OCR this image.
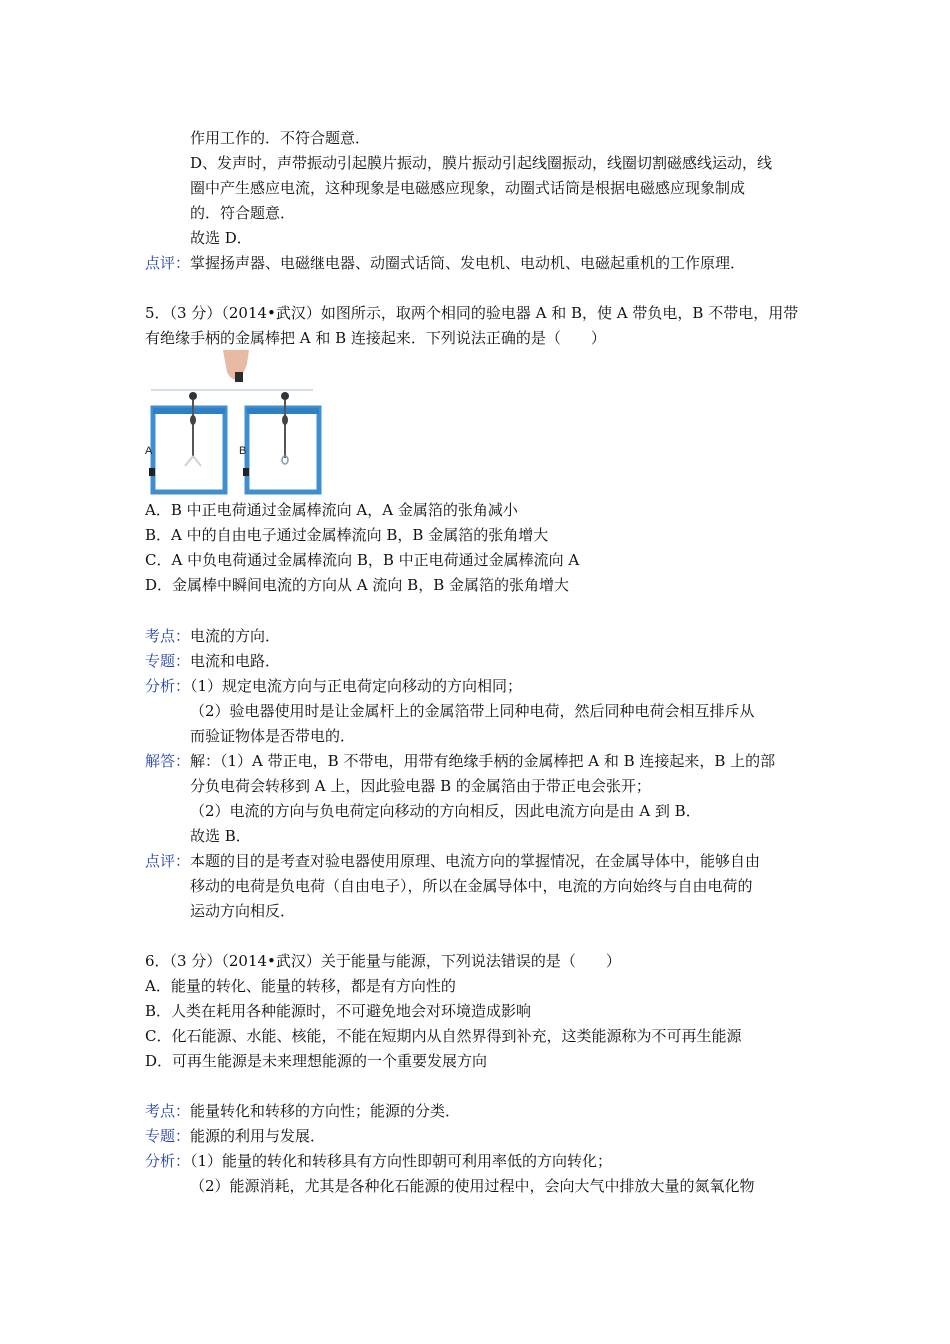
作用工作的．不符合题意．
D、发声时，声带振动引起膜片振动，膜片振动引起线圈振动，线圈切割磁感线运动，线
圈中产生感应电流，这种现象是电磁感应现象，动圈式话筒是根据电磁感应现象制成
的．符合题意．
故选 D．
点评：掌握扬声器、电磁继电器、动圈式话筒、发电机、电动机、电磁起重机的工作原理．
5．（3 分）（2014•武汉）如图所示，取两个相同的验电器 A 和 B，使 A 带负电，B 不带电，用带
有绝缘手柄的金属棒把 A 和 B 连接起来．下列说法正确的是（　　）
A	B
A．B 中正电荷通过金属棒流向 A，A 金属箔的张角减小
B．A 中的自由电子通过金属棒流向 B，B 金属箔的张角增大
C．A 中负电荷通过金属棒流向 B，B 中正电荷通过金属棒流向 A
D．金属棒中瞬间电流的方向从 A 流向 B，B 金属箔的张角增大
考点：电流的方向．
专题：电流和电路．
分析：（1）规定电流方向与正电荷定向移动的方向相同；
（2）验电器使用时是让金属杆上的金属箔带上同种电荷，然后同种电荷会相互排斥从
而验证物体是否带电的．
解答：解：（1）A 带正电，B 不带电，用带有绝缘手柄的金属棒把 A 和 B 连接起来，B 上的部
分负电荷会转移到 A 上，因此验电器 B 的金属箔由于带正电会张开；
（2）电流的方向与负电荷定向移动的方向相反，因此电流方向是由 A 到 B．
故选 B．
点评：本题的目的是考查对验电器使用原理、电流方向的掌握情况，在金属导体中，能够自由
移动的电荷是负电荷（自由电子），所以在金属导体中，电流的方向始终与自由电荷的
运动方向相反．
6．（3 分）（2014•武汉）关于能量与能源，下列说法错误的是（　　）
A．能量的转化、能量的转移，都是有方向性的
B．人类在耗用各种能源时，不可避免地会对环境造成影响
C．化石能源、水能、核能，不能在短期内从自然界得到补充，这类能源称为不可再生能源
D．可再生能源是未来理想能源的一个重要发展方向
考点：能量转化和转移的方向性；能源的分类．
专题：能源的利用与发展．
分析：（1）能量的转化和转移具有方向性即朝可利用率低的方向转化；
（2）能源消耗，尤其是各种化石能源的使用过程中，会向大气中排放大量的氮氧化物
